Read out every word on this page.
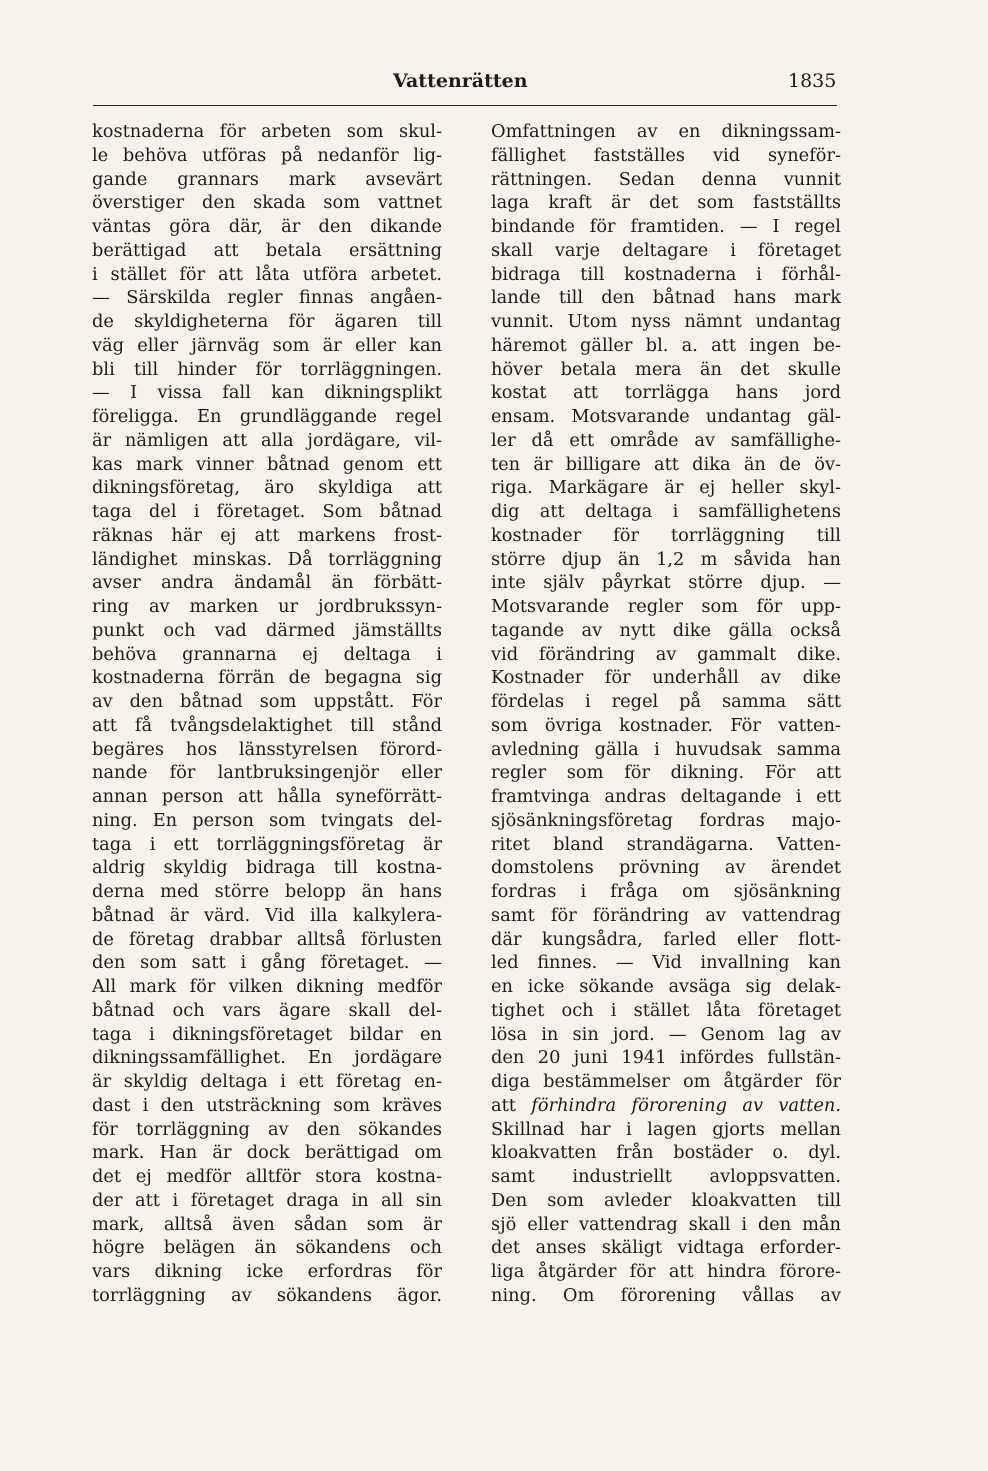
Vattenrätten	1835
kostnaderna för arbeten som skul-
le behöva utföras på nedanför lig-
gande grannars mark avsevärt
överstiger den skada som vattnet
väntas göra där, är den dikande
berättigad att betala ersättning
i stället för att låta utföra arbetet.
— Särskilda regler finnas angåen-
de skyldigheterna för ägaren till
väg eller järnväg som är eller kan
bli till hinder för torrläggningen.
— I vissa fall kan dikningsplikt
föreligga. En grundläggande regel
är nämligen att alla jordägare, vil-
kas mark vinner båtnad genom ett
dikningsföretag, äro skyldiga att
taga del i företaget. Som båtnad
räknas här ej att markens frost-
ländighet minskas. Då torrläggning
avser andra ändamål än förbätt-
ring av marken ur jordbrukssyn-
punkt och vad därmed jämställts
behöva grannarna ej deltaga i
kostnaderna förrän de begagna sig
av den båtnad som uppstått. För
att få tvångsdelaktighet till stånd
begäres hos länsstyrelsen förord-
nande för lantbruksingenjör eller
annan person att hålla syneförrätt-
ning. En person som tvingats del-
taga i ett torrläggningsföretag är
aldrig skyldig bidraga till kostna-
derna med större belopp än hans
båtnad är värd. Vid illa kalkylera-
de företag drabbar alltså förlusten
den som satt i gång företaget. —
All mark för vilken dikning medför
båtnad och vars ägare skall del-
taga i dikningsföretaget bildar en
dikningssamfällighet. En jordägare
är skyldig deltaga i ett företag en-
dast i den utsträckning som kräves
för torrläggning av den sökandes
mark. Han är dock berättigad om
det ej medför alltför stora kostna-
der att i företaget draga in all sin
mark, alltså även sådan som är
högre belägen än sökandens och
vars dikning icke erfordras för
torrläggning av sökandens ägor.
Omfattningen av en dikningssam-
fällighet fastställes vid syneför-
rättningen. Sedan denna vunnit
laga kraft är det som fastställts
bindande för framtiden. — I regel
skall varje deltagare i företaget
bidraga till kostnaderna i förhål-
lande till den båtnad hans mark
vunnit. Utom nyss nämnt undantag
häremot gäller bl. a. att ingen be-
höver betala mera än det skulle
kostat att torrlägga hans jord
ensam. Motsvarande undantag gäl-
ler då ett område av samfällighe-
ten är billigare att dika än de öv-
riga. Markägare är ej heller skyl-
dig att deltaga i samfällighetens
kostnader för torrläggning till
större djup än 1,2 m såvida han
inte själv påyrkat större djup. —
Motsvarande regler som för upp-
tagande av nytt dike gälla också
vid förändring av gammalt dike.
Kostnader för underhåll av dike
fördelas i regel på samma sätt
som övriga kostnader. För vatten-
avledning gälla i huvudsak samma
regler som för dikning. För att
framtvinga andras deltagande i ett
sjösänkningsföretag fordras majo-
ritet bland strandägarna. Vatten-
domstolens prövning av ärendet
fordras i fråga om sjösänkning
samt för förändring av vattendrag
där kungsådra, farled eller flott-
led finnes. — Vid invallning kan
en icke sökande avsäga sig delak-
tighet och i stället låta företaget
lösa in sin jord. — Genom lag av
den 20 juni 1941 infördes fullstän-
diga bestämmelser om åtgärder för
att förhindra förorening av vatten.
Skillnad har i lagen gjorts mellan
kloakvatten från bostäder o. dyl.
samt industriellt avloppsvatten.
Den som avleder kloakvatten till
sjö eller vattendrag skall i den mån
det anses skäligt vidtaga erforder-
liga åtgärder för att hindra förore-
ning. Om förorening vållas av
